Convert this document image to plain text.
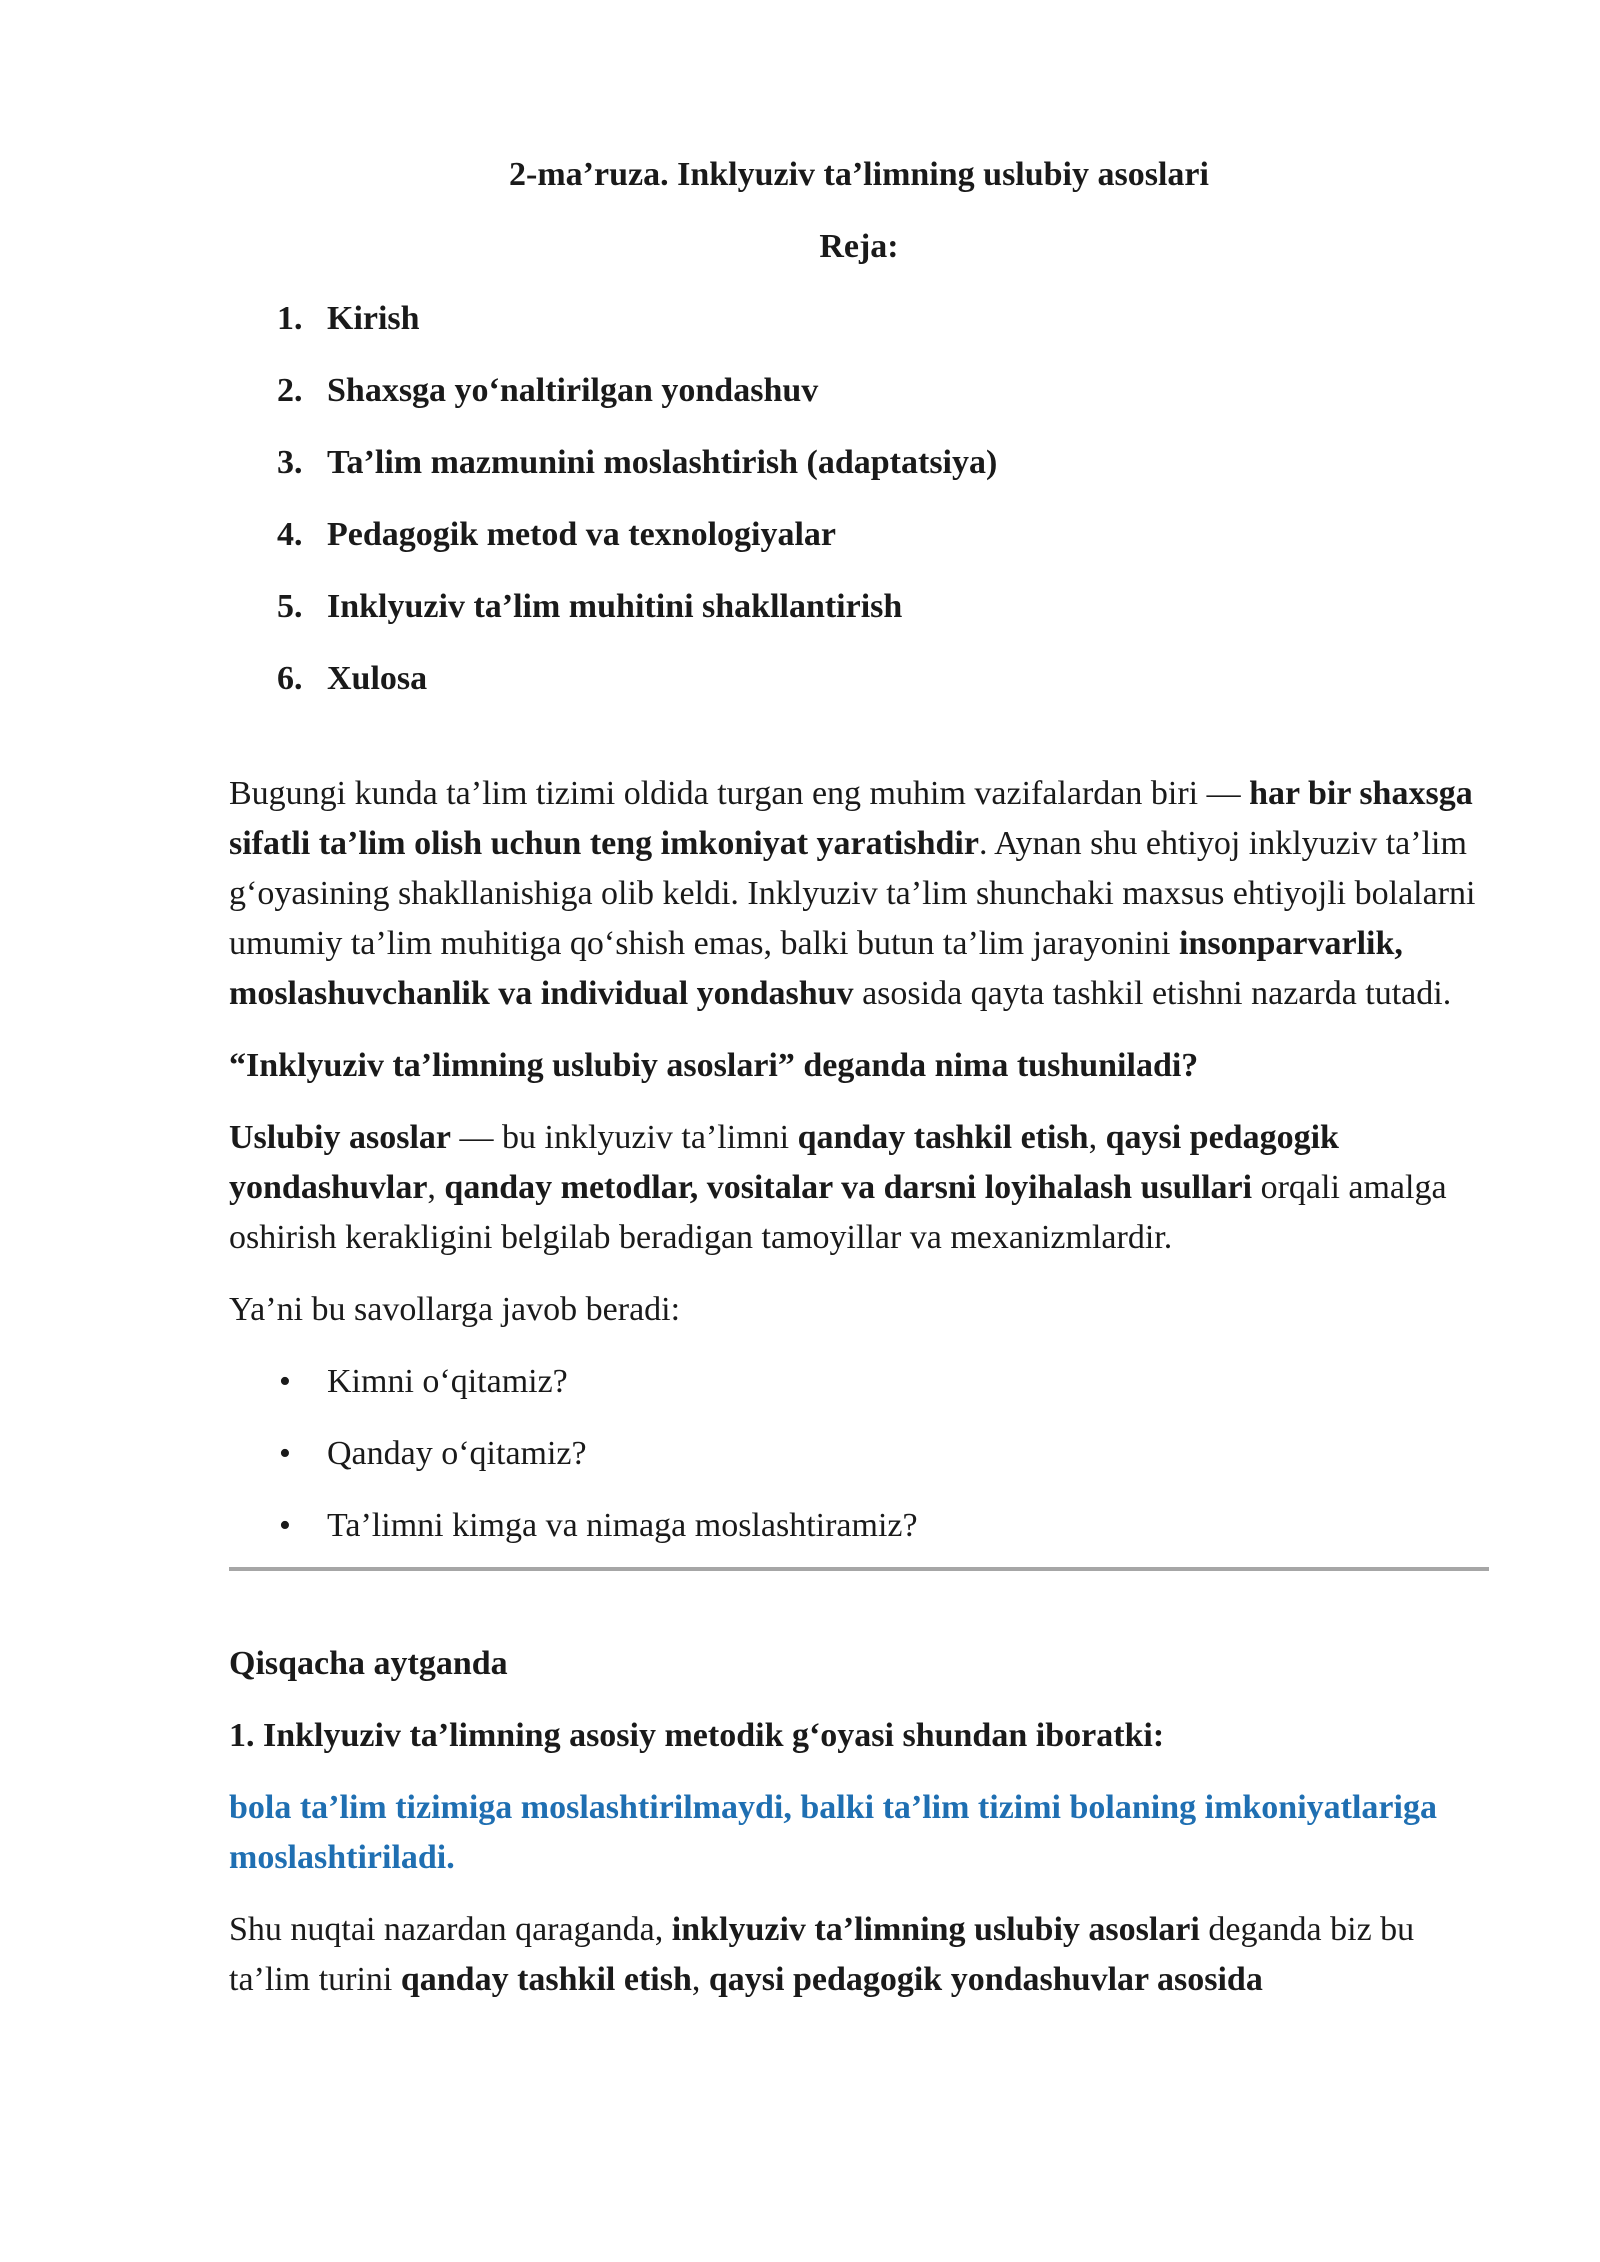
2-ma’ruza. Inklyuziv ta’limning uslubiy asoslari
Reja:
1. Kirish
2. Shaxsga yo‘naltirilgan yondashuv
3. Ta’lim mazmunini moslashtirish (adaptatsiya)
4. Pedagogik metod va texnologiyalar
5. Inklyuziv ta’lim muhitini shakllantirish
6. Xulosa

Bugungi kunda ta’lim tizimi oldida turgan eng muhim vazifalardan biri — har bir shaxsga sifatli ta’lim olish uchun teng imkoniyat yaratishdir. Aynan shu ehtiyoj inklyuziv ta’lim g‘oyasining shakllanishiga olib keldi. Inklyuziv ta’lim shunchaki maxsus ehtiyojli bolalarni umumiy ta’lim muhitiga qo‘shish emas, balki butun ta’lim jarayonini insonparvarlik, moslashuvchanlik va individual yondashuv asosida qayta tashkil etishni nazarda tutadi.

“Inklyuziv ta’limning uslubiy asoslari” deganda nima tushuniladi?

Uslubiy asoslar — bu inklyuziv ta’limni qanday tashkil etish, qaysi pedagogik yondashuvlar, qanday metodlar, vositalar va darsni loyihalash usullari orqali amalga oshirish kerakligini belgilab beradigan tamoyillar va mexanizmlardir.

Ya’ni bu savollarga javob beradi:

• Kimni o‘qitamiz?
• Qanday o‘qitamiz?
• Ta’limni kimga va nimaga moslashtiramiz?

Qisqacha aytganda

1. Inklyuziv ta’limning asosiy metodik g‘oyasi shundan iboratki:

bola ta’lim tizimiga moslashtirilmaydi, balki ta’lim tizimi bolaning imkoniyatlariga moslashtiriladi.

Shu nuqtai nazardan qaraganda, inklyuziv ta’limning uslubiy asoslari deganda biz bu ta’lim turini qanday tashkil etish, qaysi pedagogik yondashuvlar asosida
